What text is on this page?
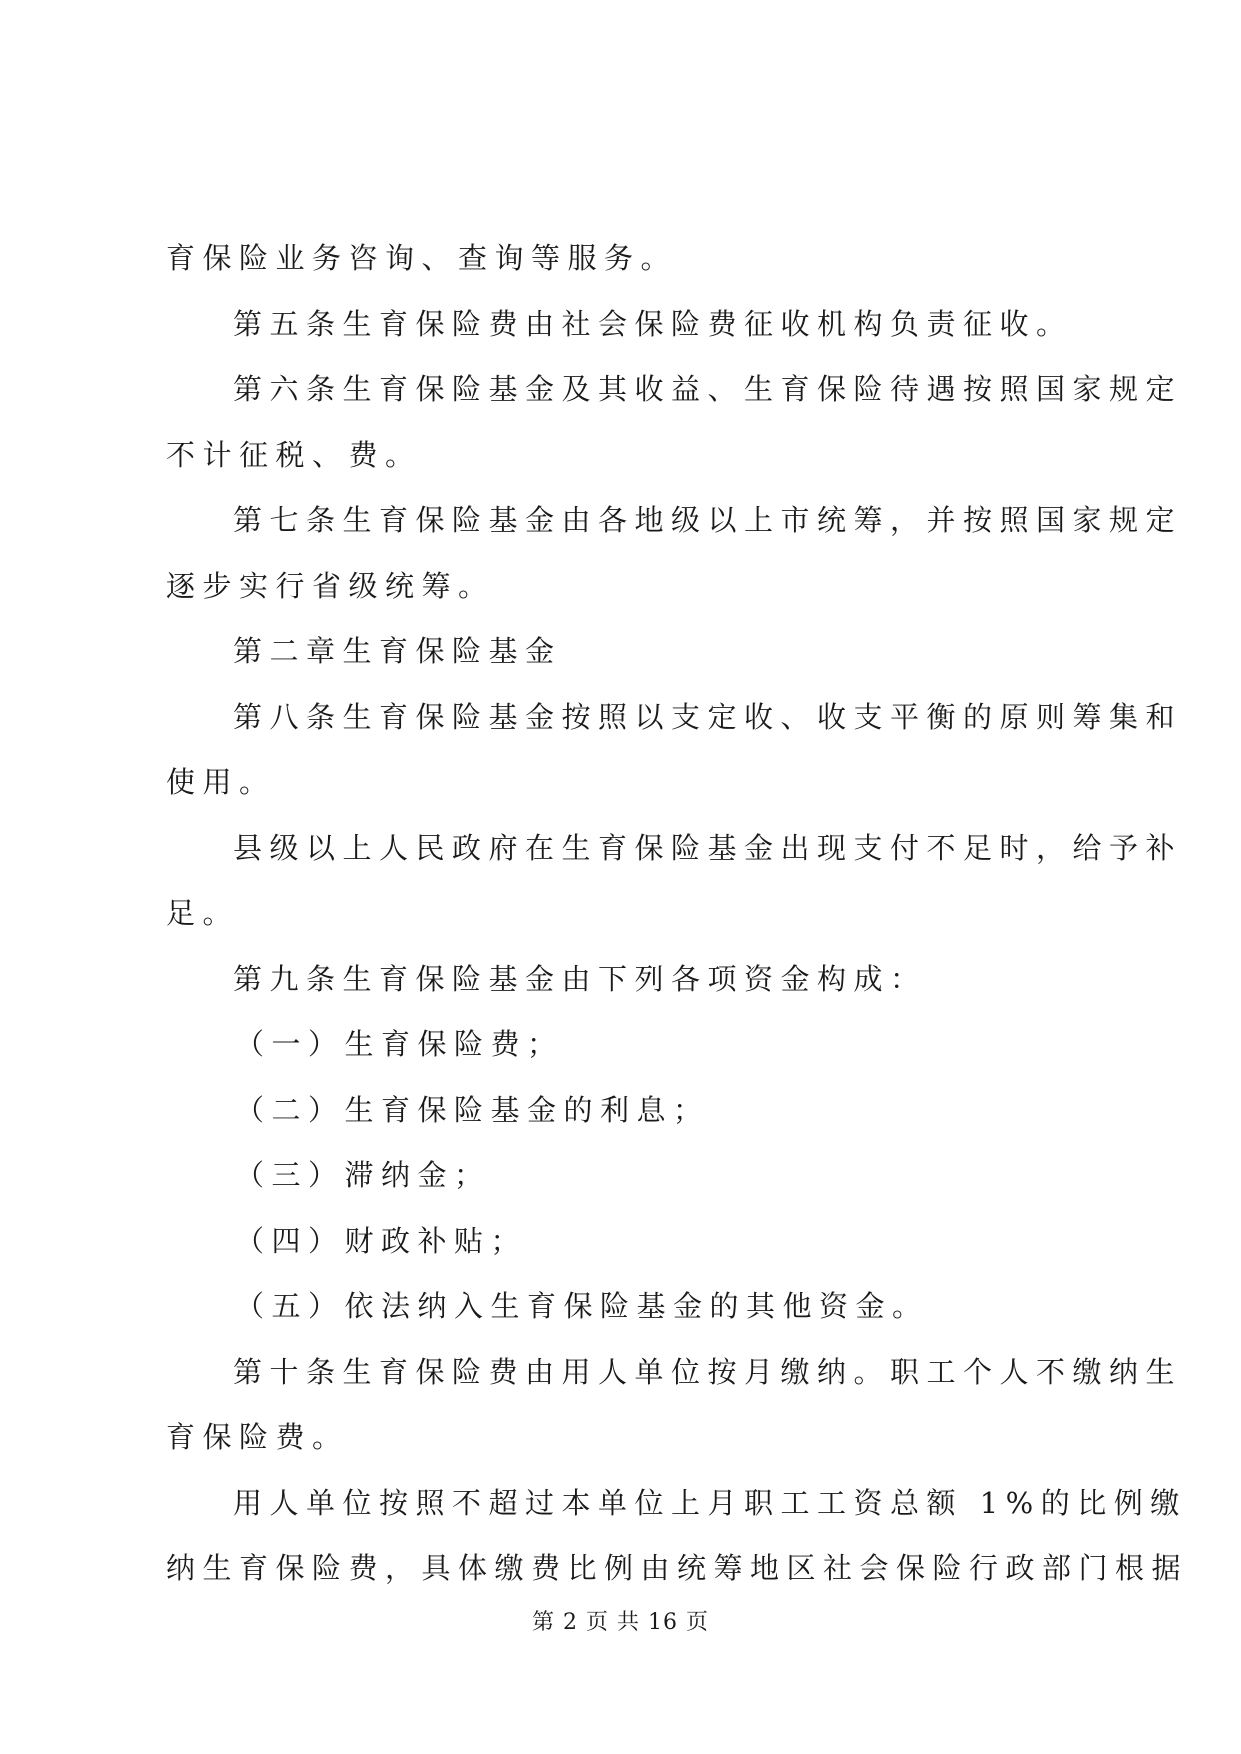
育保险业务咨询、查询等服务。
第五条生育保险费由社会保险费征收机构负责征收。
第六条生育保险基金及其收益、生育保险待遇按照国家规定
不计征税、费。
第七条生育保险基金由各地级以上市统筹，并按照国家规定
逐步实行省级统筹。
第二章生育保险基金
第八条生育保险基金按照以支定收、收支平衡的原则筹集和
使用。
县级以上人民政府在生育保险基金出现支付不足时，给予补
足。
第九条生育保险基金由下列各项资金构成：
（一）生育保险费；
（二）生育保险基金的利息；
（三）滞纳金；
（四）财政补贴；
（五）依法纳入生育保险基金的其他资金。
第十条生育保险费由用人单位按月缴纳。职工个人不缴纳生
育保险费。
用人单位按照不超过本单位上月职工工资总额 1%的比例缴
纳生育保险费，具体缴费比例由统筹地区社会保险行政部门根据
第 2 页 共 16 页
